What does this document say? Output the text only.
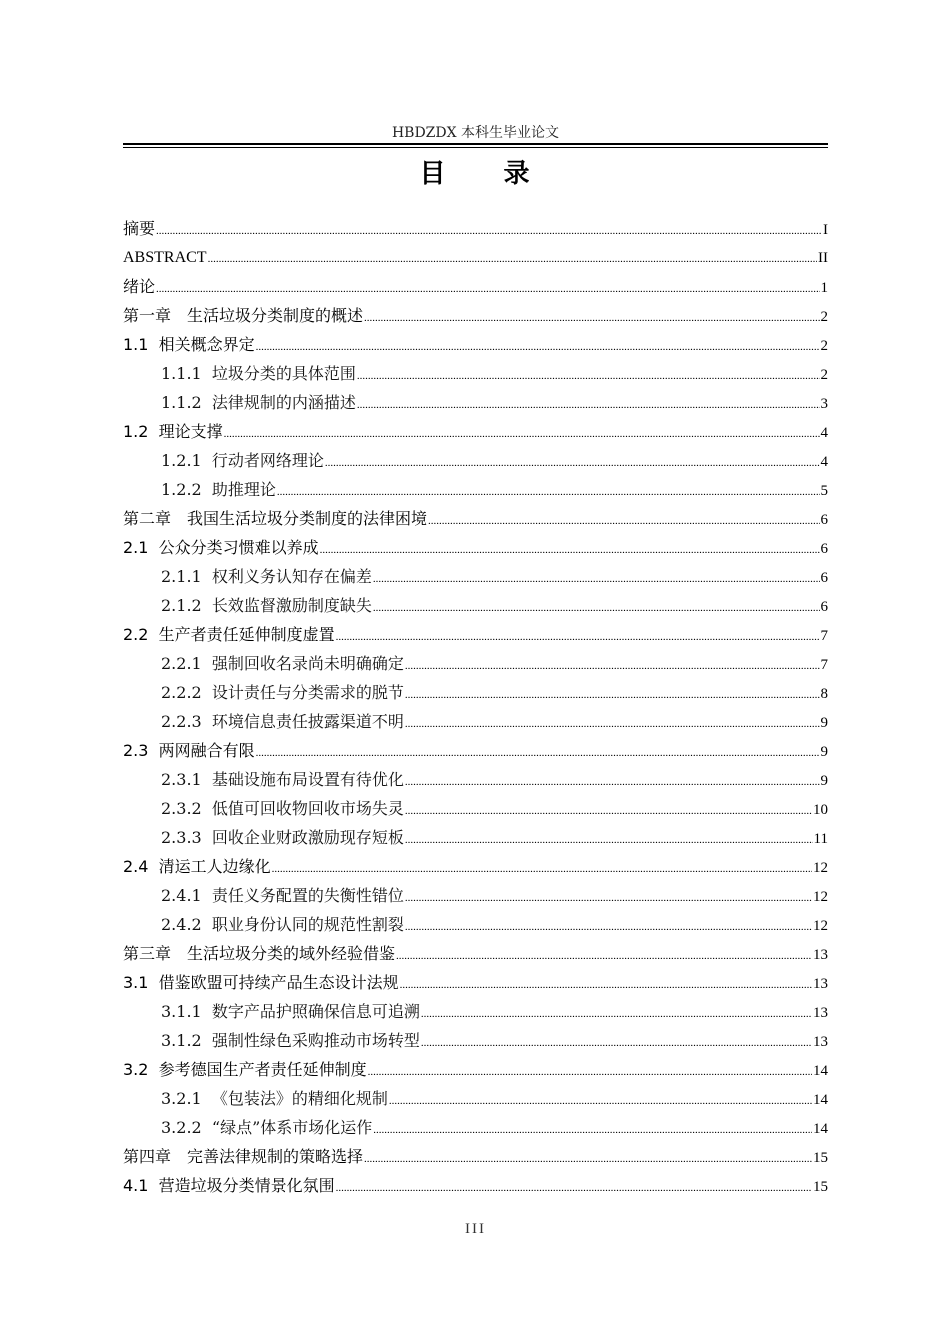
HBDZDX 本科生毕业论文
目　　录
摘要 .....	I
ABSTRACT .....	II
绪论 .....	1
第一章　生活垃圾分类制度的概述 .....	2
1.1  相关概念界定 .....	2
1.1.1  垃圾分类的具体范围 .....	2
1.1.2  法律规制的内涵描述 .....	3
1.2  理论支撑 .....	4
1.2.1  行动者网络理论 .....	4
1.2.2  助推理论 .....	5
第二章　我国生活垃圾分类制度的法律困境 .....	6
2.1  公众分类习惯难以养成 .....	6
2.1.1  权利义务认知存在偏差 .....	6
2.1.2  长效监督激励制度缺失 .....	6
2.2  生产者责任延伸制度虚置 .....	7
2.2.1  强制回收名录尚未明确确定 .....	7
2.2.2  设计责任与分类需求的脱节 .....	8
2.2.3  环境信息责任披露渠道不明 .....	9
2.3  两网融合有限 .....	9
2.3.1  基础设施布局设置有待优化 .....	9
2.3.2  低值可回收物回收市场失灵 .....	10
2.3.3  回收企业财政激励现存短板 .....	11
2.4  清运工人边缘化 .....	12
2.4.1  责任义务配置的失衡性错位 .....	12
2.4.2  职业身份认同的规范性割裂 .....	12
第三章　生活垃圾分类的域外经验借鉴 .....	13
3.1  借鉴欧盟可持续产品生态设计法规 .....	13
3.1.1  数字产品护照确保信息可追溯 .....	13
3.1.2  强制性绿色采购推动市场转型 .....	13
3.2  参考德国生产者责任延伸制度 .....	14
3.2.1  《包装法》的精细化规制 .....	14
3.2.2  “绿点”体系市场化运作 .....	14
第四章　完善法律规制的策略选择 .....	15
4.1  营造垃圾分类情景化氛围 .....	15
III
